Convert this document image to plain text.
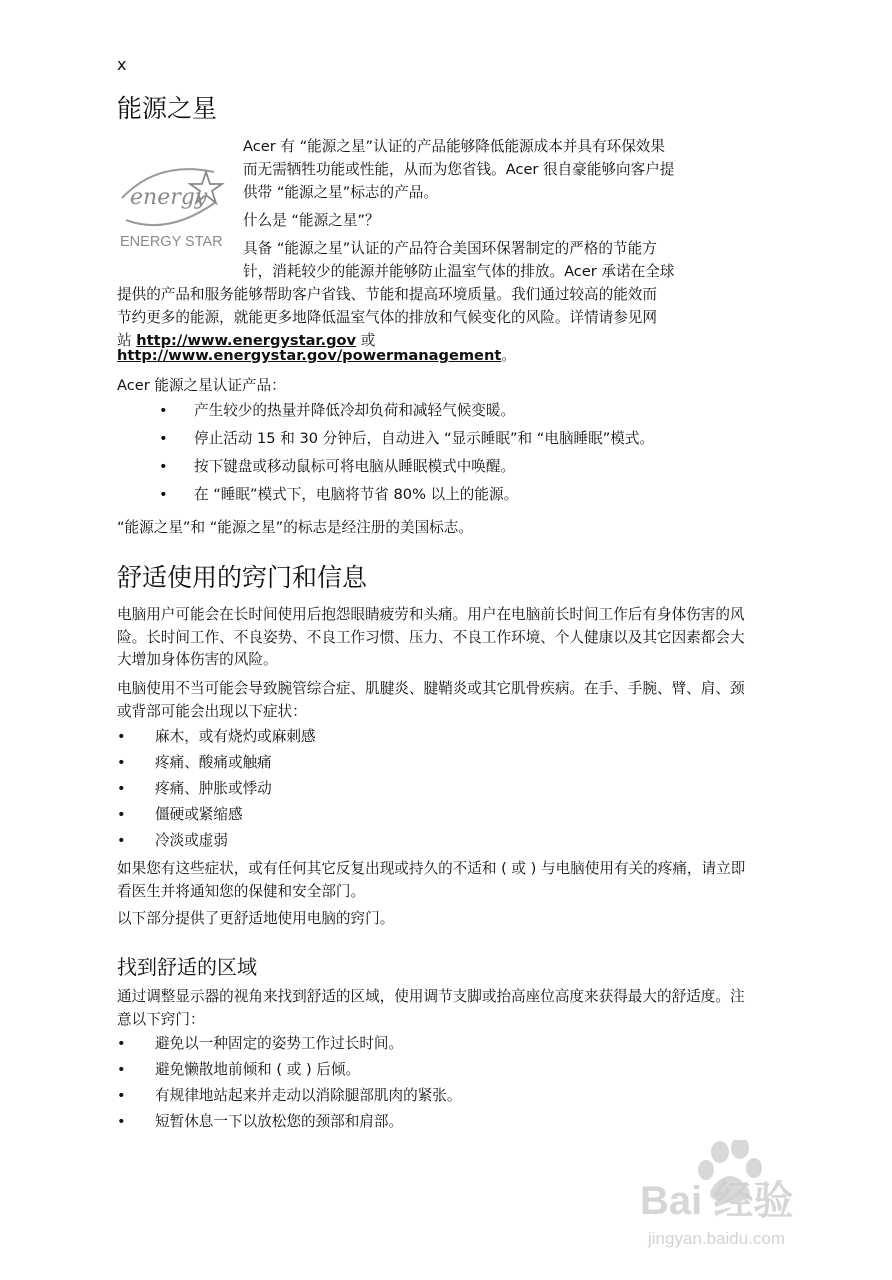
x
能源之星
energy
ENERGY STAR
Acer 有 “能源之星”认证的产品能够降低能源成本并具有环保效果
而无需牺牲功能或性能，从而为您省钱。Acer 很自豪能够向客户提
供带 “能源之星”标志的产品。
什么是 “能源之星”？
具备 “能源之星”认证的产品符合美国环保署制定的严格的节能方
针，消耗较少的能源并能够防止温室气体的排放。Acer 承诺在全球
提供的产品和服务能够帮助客户省钱、节能和提高环境质量。我们通过较高的能效而
节约更多的能源，就能更多地降低温室气体的排放和气候变化的风险。详情请参见网
站 http://www.energystar.gov 或
http://www.energystar.gov/powermanagement。
Acer 能源之星认证产品：
• 产生较少的热量并降低冷却负荷和减轻气候变暖。
• 停止活动 15 和 30 分钟后，自动进入 “显示睡眠”和 “电脑睡眠”模式。
• 按下键盘或移动鼠标可将电脑从睡眠模式中唤醒。
• 在 “睡眠”模式下，电脑将节省 80% 以上的能源。
“能源之星”和 “能源之星”的标志是经注册的美国标志。
舒适使用的窍门和信息

电脑用户可能会在长时间使用后抱怨眼睛疲劳和头痛。用户在电脑前长时间工作后有身体伤害的风险。长时间工作、不良姿势、不良工作习惯、压力、不良工作环境、个人健康以及其它因素都会大大增加身体伤害的风险。

电脑使用不当可能会导致腕管综合症、肌腱炎、腱鞘炎或其它肌骨疾病。在手、手腕、臂、肩、颈或背部可能会出现以下症状：

• 麻木，或有烧灼或麻刺感
• 疼痛、酸痛或触痛
• 疼痛、肿胀或悸动
• 僵硬或紧缩感
• 冷淡或虚弱

如果您有这些症状，或有任何其它反复出现或持久的不适和 ( 或 ) 与电脑使用有关的疼痛，请立即看医生并将通知您的保健和安全部门。

以下部分提供了更舒适地使用电脑的窍门。

找到舒适的区域

通过调整显示器的视角来找到舒适的区域，使用调节支脚或抬高座位高度来获得最大的舒适度。注意以下窍门：

• 避免以一种固定的姿势工作过长时间。
• 避免懒散地前倾和 ( 或 ) 后倾。
• 有规律地站起来并走动以消除腿部肌肉的紧张。
• 短暂休息一下以放松您的颈部和肩部。
Bai 经验
jingyan.baidu.com
